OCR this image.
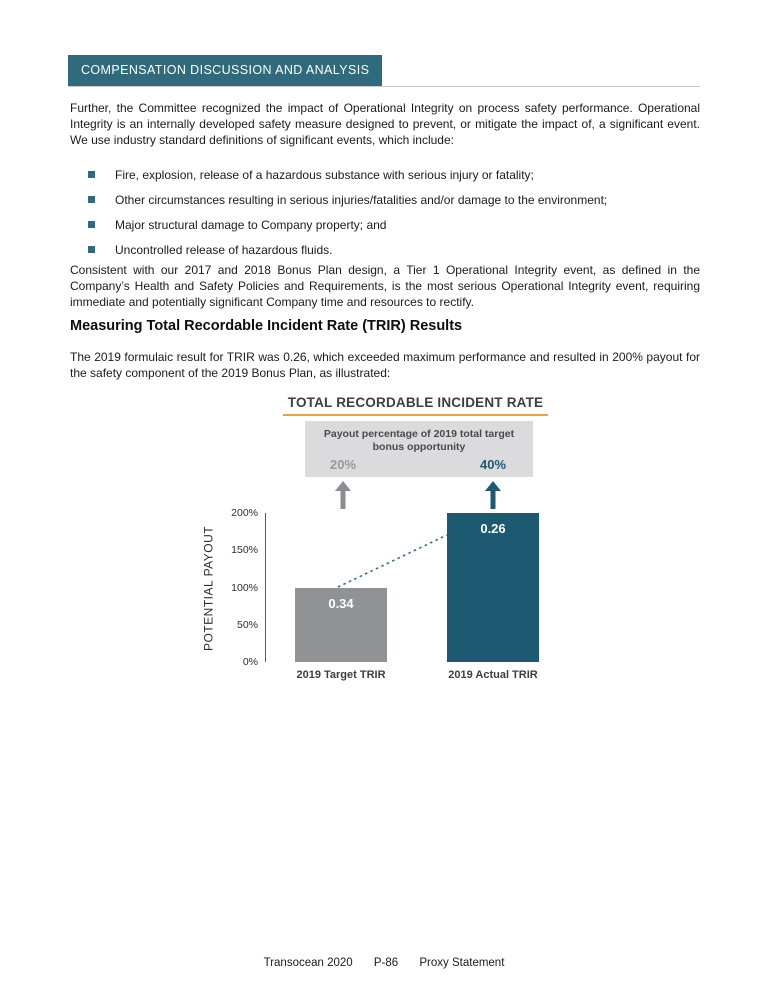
COMPENSATION DISCUSSION AND ANALYSIS

Further, the Committee recognized the impact of Operational Integrity on process safety performance. Operational Integrity is an internally developed safety measure designed to prevent, or mitigate the impact of, a significant event. We use industry standard definitions of significant events, which include:

Fire, explosion, release of a hazardous substance with serious injury or fatality;
Other circumstances resulting in serious injuries/fatalities and/or damage to the environment;
Major structural damage to Company property; and
Uncontrolled release of hazardous fluids.

Consistent with our 2017 and 2018 Bonus Plan design, a Tier 1 Operational Integrity event, as defined in the Company’s Health and Safety Policies and Requirements, is the most serious Operational Integrity event, requiring immediate and potentially significant Company time and resources to rectify.

Measuring Total Recordable Incident Rate (TRIR) Results

The 2019 formulaic result for TRIR was 0.26, which exceeded maximum performance and resulted in 200% payout for the safety component of the 2019 Bonus Plan, as illustrated:

TOTAL RECORDABLE INCIDENT RATE
Payout percentage of 2019 total target bonus opportunity
20%	40%
POTENTIAL PAYOUT
200%
150%
100%
50%
0%
0.34
0.26
2019 Target TRIR	2019 Actual TRIR
Transocean 2020 P-86 Proxy Statement
